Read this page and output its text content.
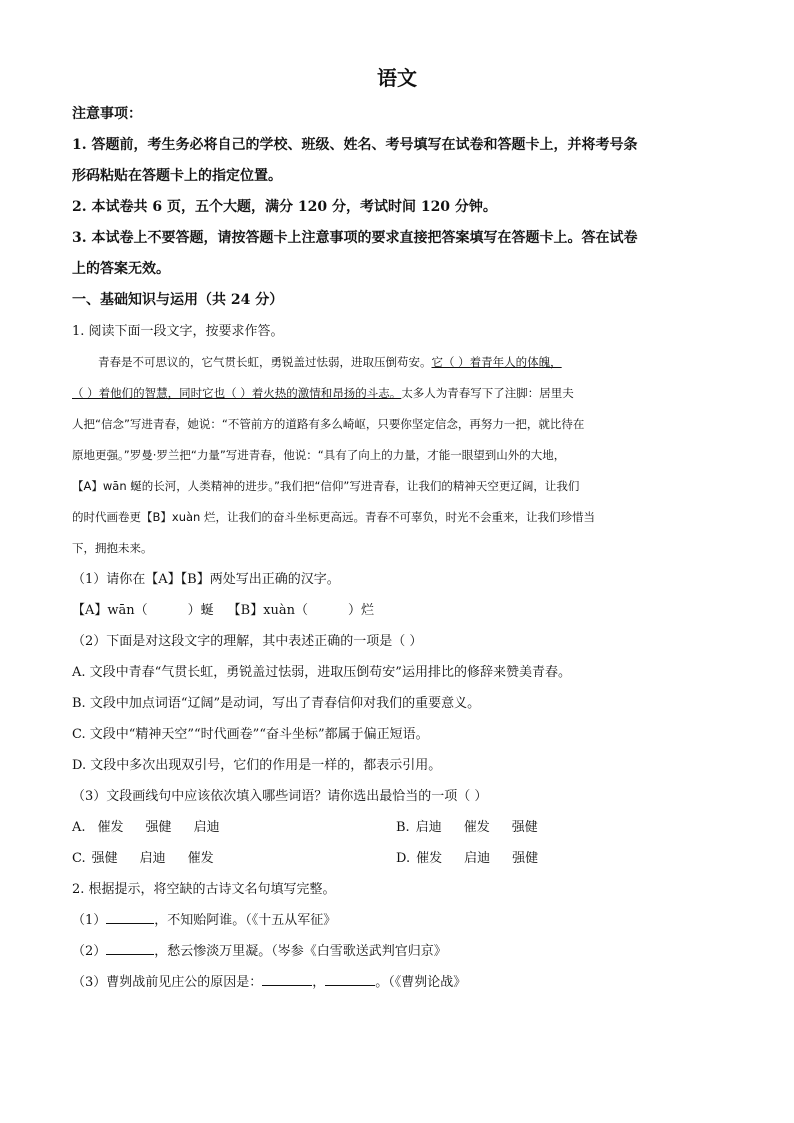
语文

注意事项：

1. 答题前，考生务必将自己的学校、班级、姓名、考号填写在试卷和答题卡上，并将考号条

形码粘贴在答题卡上的指定位置。

2. 本试卷共 6 页，五个大题，满分 120 分，考试时间 120 分钟。

3. 本试卷上不要答题，请按答题卡上注意事项的要求直接把答案填写在答题卡上。答在试卷

上的答案无效。

一、基础知识与运用（共 24 分）

1. 阅读下面一段文字，按要求作答。

青春是不可思议的，它气贯长虹，勇锐盖过怯弱，进取压倒苟安。它（ ）着青年人的体魄，

（ ）着他们的智慧，同时它也（ ）着火热的激情和昂扬的斗志。太多人为青春写下了注脚：居里夫

人把“信念”写进青春，她说：“不管前方的道路有多么崎岖，只要你坚定信念，再努力一把，就比待在

原地更强。”罗曼·罗兰把“力量”写进青春，他说：“具有了向上的力量，才能一眼望到山外的大地，

【A】wān 蜒的长河，人类精神的进步。”我们把“信仰”写进青春，让我们的精神天空更辽阔，让我们

的时代画卷更【B】xuàn 烂，让我们的奋斗坐标更高远。青春不可辜负，时光不会重来，让我们珍惜当

下，拥抱未来。

（1）请你在【A】【B】两处写出正确的汉字。

【A】wān（	）蜒 【B】xuàn（	）烂

（2）下面是对这段文字的理解，其中表述正确的一项是（ ）

A. 文段中青春“气贯长虹，勇锐盖过怯弱，进取压倒苟安”运用排比的修辞来赞美青春。

B. 文段中加点词语“辽阔”是动词，写出了青春信仰对我们的重要意义。

C. 文段中“精神天空”“时代画卷”“奋斗坐标”都属于偏正短语。

D. 文段中多次出现双引号，它们的作用是一样的，都表示引用。

（3）文段画线句中应该依次填入哪些词语？请你选出最恰当的一项（ ）

A. 催发 强健 启迪	B. 启迪 催发 强健
C. 强健 启迪 催发	D. 催发 启迪 强健

2. 根据提示，将空缺的古诗文名句填写完整。

（1）	，不知贻阿谁。（《十五从军征》

（2）	，愁云惨淡万里凝。（岑参《白雪歌送武判官归京》

（3）曹刿战前见庄公的原因是：	，	。（《曹刿论战》
